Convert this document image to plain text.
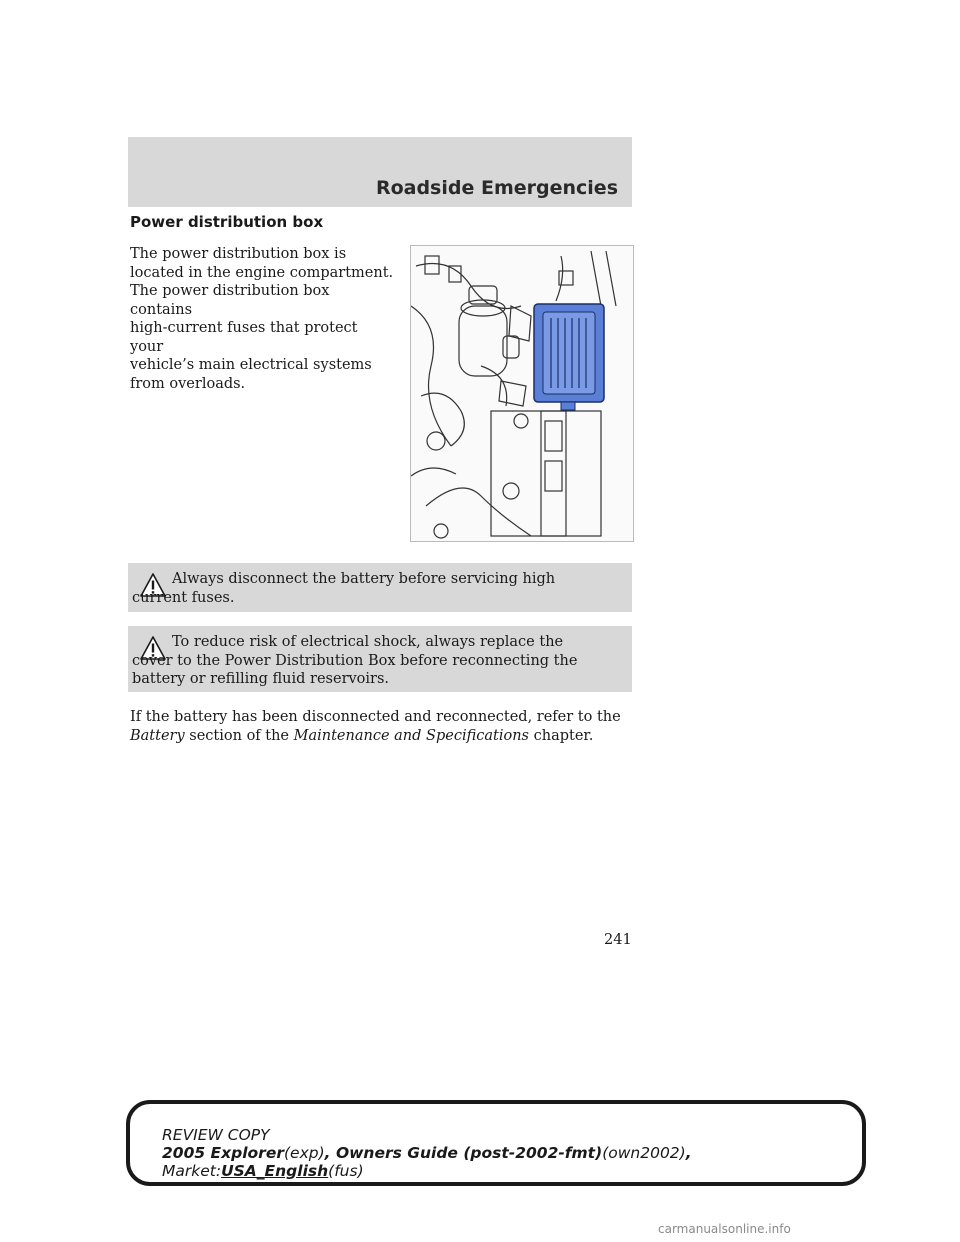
Roadside Emergencies
Power distribution box

The power distribution box is

located in the engine compartment.

The power distribution box contains

high-current fuses that protect your

vehicle’s main electrical systems

from overloads.

Always disconnect the battery before servicing high current fuses.

To reduce risk of electrical shock, always replace the cover to the Power Distribution Box before reconnecting the battery or refilling fluid reservoirs.

If the battery has been disconnected and reconnected, refer to the Battery section of the Maintenance and Specifications chapter.

241
REVIEW COPY
2005 Explorer(exp), Owners Guide (post-2002-fmt)(own2002),
Market:USA_English(fus)
carmanualsonline.info
